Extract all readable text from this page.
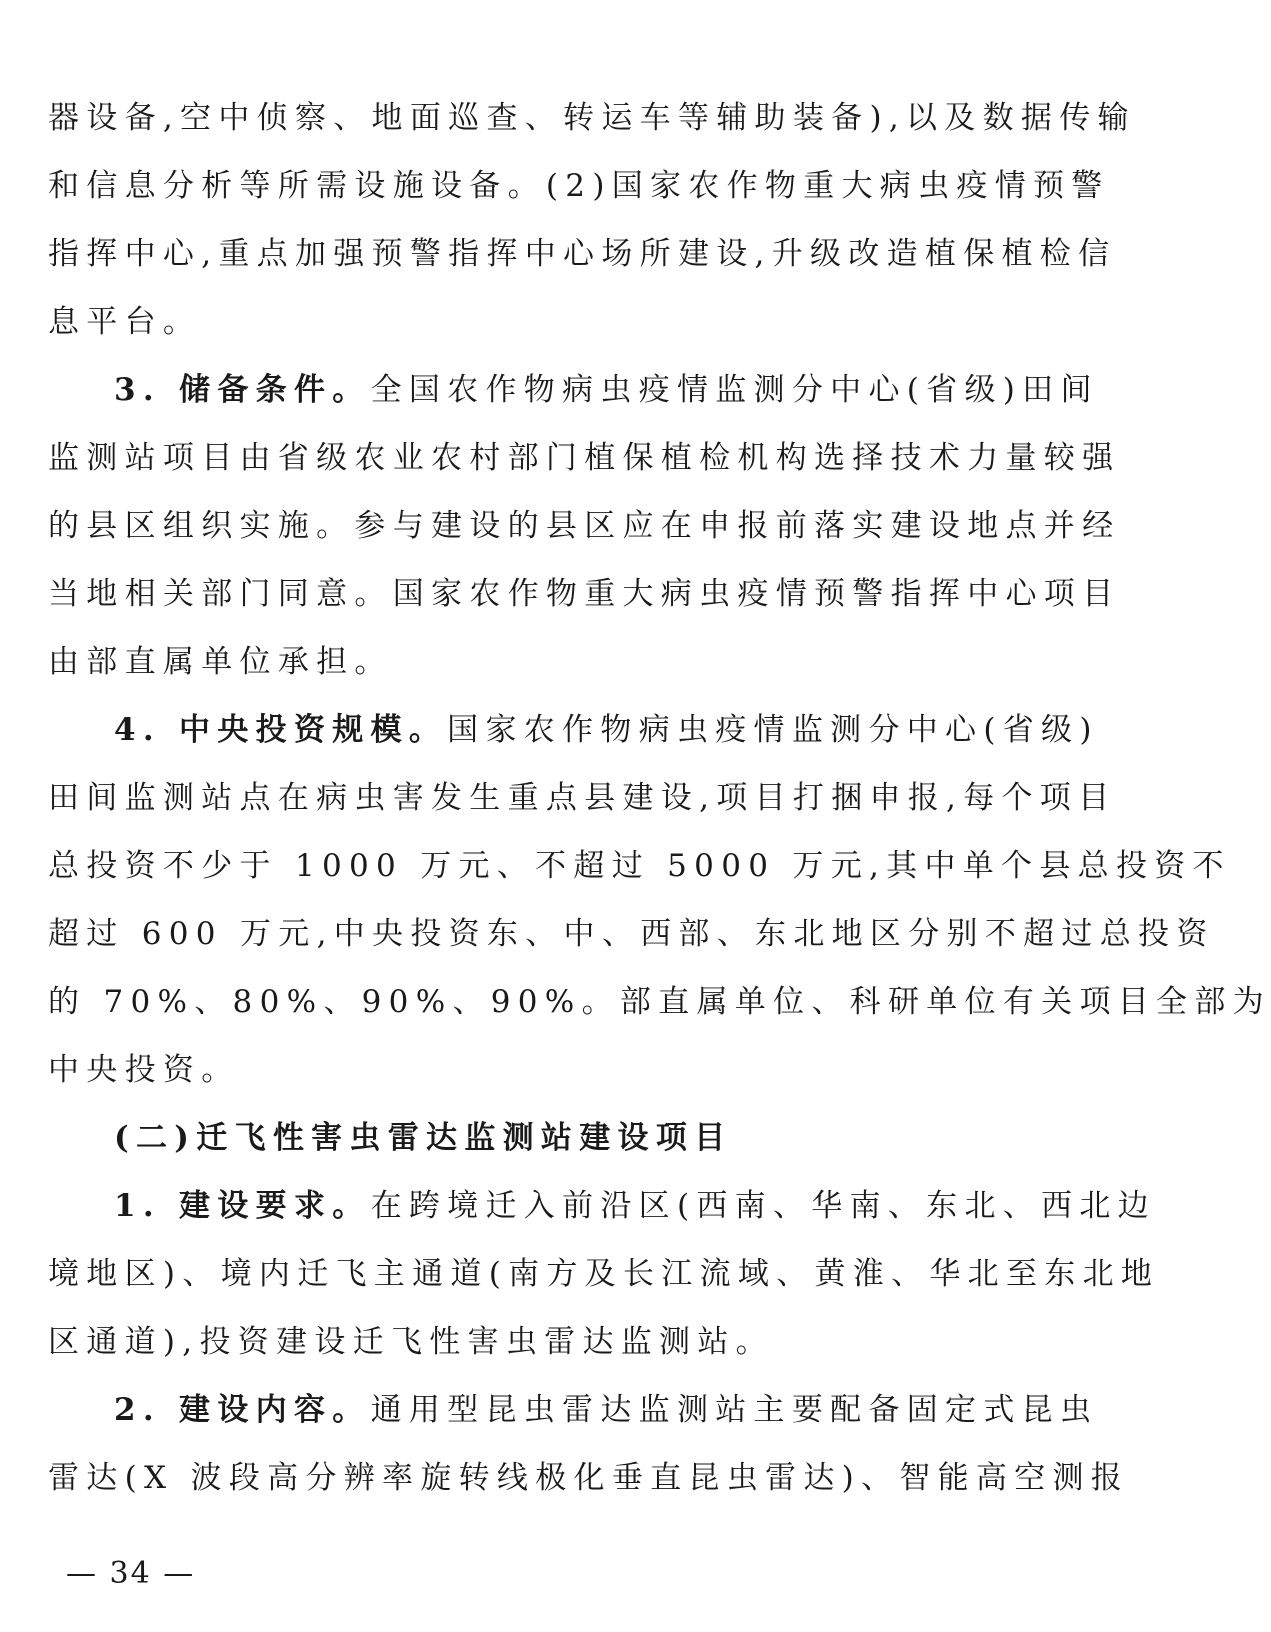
器设备,空中侦察、地面巡查、转运车等辅助装备),以及数据传输
和信息分析等所需设施设备。(2)国家农作物重大病虫疫情预警
指挥中心,重点加强预警指挥中心场所建设,升级改造植保植检信
息平台。
3. 储备条件。全国农作物病虫疫情监测分中心(省级)田间
监测站项目由省级农业农村部门植保植检机构选择技术力量较强
的县区组织实施。参与建设的县区应在申报前落实建设地点并经
当地相关部门同意。国家农作物重大病虫疫情预警指挥中心项目
由部直属单位承担。
4. 中央投资规模。国家农作物病虫疫情监测分中心(省级)
田间监测站点在病虫害发生重点县建设,项目打捆申报,每个项目
总投资不少于 1000 万元、不超过 5000 万元,其中单个县总投资不
超过 600 万元,中央投资东、中、西部、东北地区分别不超过总投资
的 70%、80%、90%、90%。部直属单位、科研单位有关项目全部为
中央投资。
(二)迁飞性害虫雷达监测站建设项目
1. 建设要求。在跨境迁入前沿区(西南、华南、东北、西北边
境地区)、境内迁飞主通道(南方及长江流域、黄淮、华北至东北地
区通道),投资建设迁飞性害虫雷达监测站。
2. 建设内容。通用型昆虫雷达监测站主要配备固定式昆虫
雷达(X 波段高分辨率旋转线极化垂直昆虫雷达)、智能高空测报
— 34 —
